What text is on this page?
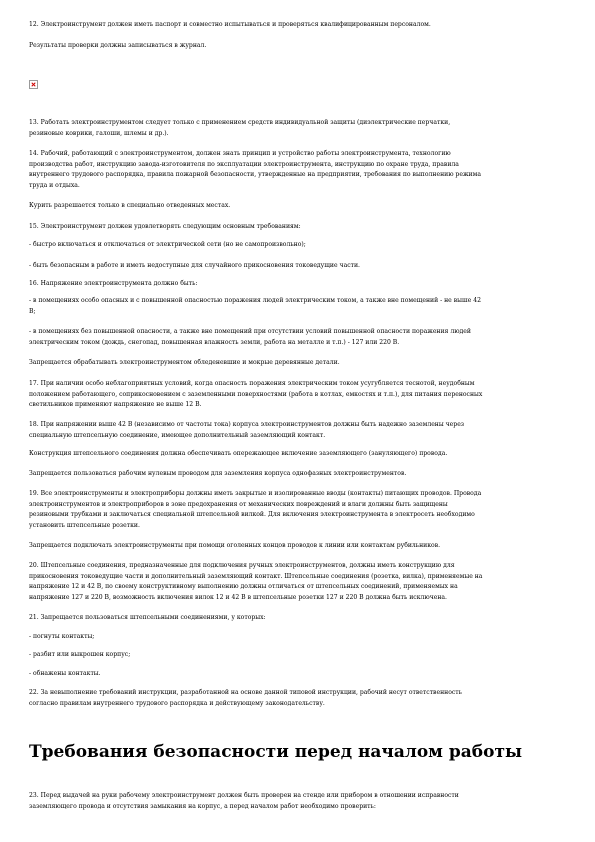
12. Электроинструмент должен иметь паспорт и совместно испытываться и проверяться квалифицированным персоналом.

Результаты проверки должны записываться в журнал.

13. Работать электроинструментом следует только с применением средств индивидуальной защиты (диэлектрические перчатки,
резиновые коврики, галоши, шлемы и др.).

14. Рабочий, работающий с электроинструментом, должен знать принцип и устройство работы электроинструмента, технологию
производства работ, инструкцию завода-изготовителя по эксплуатации электроинструмента, инструкцию по охране труда, правила
внутреннего трудового распорядка, правила пожарной безопасности, утвержденные на предприятии, требования по выполнению режима
труда и отдыха.

Курить разрешается только в специально отведенных местах.

15. Электроинструмент должен удовлетворять следующим основным требованиям:

- быстро включаться и отключаться от электрической сети (но не самопроизвольно);

- быть безопасным в работе и иметь недоступные для случайного прикосновения токоведущие части.

16. Напряжение электроинструмента должно быть:

- в помещениях особо опасных и с повышенной опасностью поражения людей электрическим током, а также вне помещений - не выше 42
В;

- в помещениях без повышенной опасности, а также вне помещений при отсутствии условий повышенной опасности поражения людей
электрическим током (дождь, снегопад, повышенная влажность земли, работа на металле и т.п.) - 127 или 220 В.

Запрещается обрабатывать электроинструментом обледеневшие и мокрые деревянные детали.

17. При наличии особо неблагоприятных условий, когда опасность поражения электрическим током усугубляется теснотой, неудобным
положением работающего, соприкосновением с заземленными поверхностями (работа в котлах, емкостях и т.п.), для питания переносных
светильников применяют напряжение не выше 12 В.

18. При напряжении выше 42 В (независимо от частоты тока) корпуса электроинструментов должны быть надежно заземлены через
специальную штепсельную соединение, имеющее дополнительный заземляющий контакт.

Конструкция штепсельного соединения должна обеспечивать опережающее включение заземляющего (зануляющего) провода.

Запрещается пользоваться рабочим нулевым проводом для заземления корпуса однофазных электроинструментов.

19. Все электроинструменты и электроприборы должны иметь закрытые и изолированные вводы (контакты) питающих проводов. Провода
электроинструментов и электроприборов в зоне предохранения от механических повреждений и влаги должны быть защищены
резиновыми трубками и заключаться специальной штепсельной вилкой. Для включения электроинструмента в электросеть необходимо
установить штепсельные розетки.

Запрещается подключать электроинструменты при помощи оголенных концов проводов к линии или контактам рубильников.

20. Штепсельные соединения, предназначенные для подключения ручных электроинструментов, должны иметь конструкцию для
прикосновения токоведущие части и дополнительный заземляющий контакт. Штепсельные соединения (розетка, вилка), применяемые на
напряжение 12 и 42 В, по своему конструктивному выполнению должны отличаться от штепсельных соединений, применяемых на
напряжение 127 и 220 В, возможность включения вилок 12 и 42 В в штепсельные розетки 127 и 220 В должна быть исключена.

21. Запрещается пользоваться штепсельными соединениями, у которых:

- погнуты контакты;

- разбит или выкрошен корпус;

- обнажены контакты.

22. За невыполнение требований инструкции, разработанной на основе данной типовой инструкции, рабочий несут ответственность
согласно правилам внутреннего трудового распорядка и действующему законодательству.

Требования безопасности перед началом работы

23. Перед выдачей на руки рабочему электроинструмент должен быть проверен на стенде или прибором в отношении исправности
заземляющего провода и отсутствия замыкания на корпус, а перед началом работ необходимо проверить:
